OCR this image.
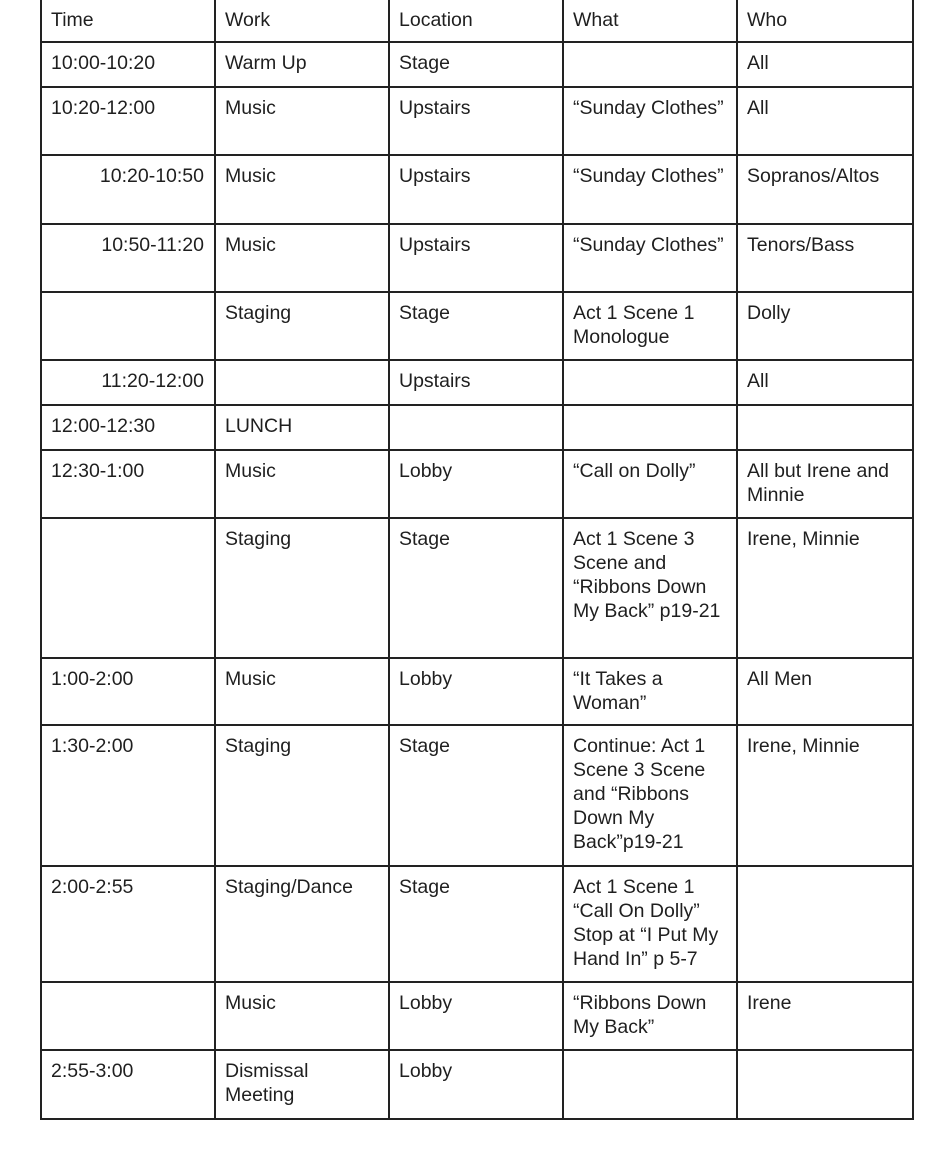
Time	Work	Location	What	Who
10:00-10:20	Warm Up	Stage		All
10:20-12:00	Music	Upstairs	“Sunday Clothes”	All
10:20-10:50	Music	Upstairs	“Sunday Clothes”	Sopranos/Altos
10:50-11:20	Music	Upstairs	“Sunday Clothes”	Tenors/Bass
	Staging	Stage	Act 1 Scene 1 Monologue	Dolly
11:20-12:00		Upstairs		All
12:00-12:30	LUNCH			
12:30-1:00	Music	Lobby	“Call on Dolly”	All but Irene and Minnie
	Staging	Stage	Act 1 Scene 3 Scene and “Ribbons Down My Back” p19-21	Irene, Minnie
1:00-2:00	Music	Lobby	“It Takes a Woman”	All Men
1:30-2:00	Staging	Stage	Continue: Act 1 Scene 3 Scene and “Ribbons Down My Back”p19-21	Irene, Minnie
2:00-2:55	Staging/Dance	Stage	Act 1 Scene 1 “Call On Dolly” Stop at “I Put My Hand In” p 5-7	
	Music	Lobby	“Ribbons Down My Back”	Irene
2:55-3:00	Dismissal Meeting	Lobby		
